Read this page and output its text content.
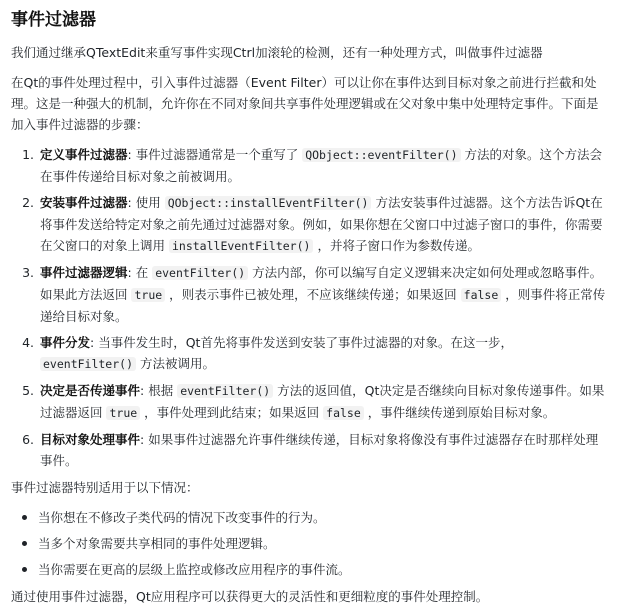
事件过滤器

我们通过继承QTextEdit来重写事件实现Ctrl加滚轮的检测，还有一种处理方式，叫做事件过滤器

在Qt的事件处理过程中，引入事件过滤器（Event Filter）可以让你在事件达到目标对象之前进行拦截和处理。这是一种强大的机制，允许你在不同对象间共享事件处理逻辑或在父对象中集中处理特定事件。下面是加入事件过滤器的步骤：

1. 定义事件过滤器: 事件过滤器通常是一个重写了 QObject::eventFilter() 方法的对象。这个方法会在事件传递给目标对象之前被调用。
2. 安装事件过滤器: 使用 QObject::installEventFilter() 方法安装事件过滤器。这个方法告诉Qt在将事件发送给特定对象之前先通过过滤器对象。例如，如果你想在父窗口中过滤子窗口的事件，你需要在父窗口的对象上调用 installEventFilter() ，并将子窗口作为参数传递。
3. 事件过滤器逻辑: 在 eventFilter() 方法内部，你可以编写自定义逻辑来决定如何处理或忽略事件。如果此方法返回 true ，则表示事件已被处理，不应该继续传递；如果返回 false ，则事件将正常传递给目标对象。
4. 事件分发: 当事件发生时，Qt首先将事件发送到安装了事件过滤器的对象。在这一步，eventFilter() 方法被调用。
5. 决定是否传递事件: 根据 eventFilter() 方法的返回值，Qt决定是否继续向目标对象传递事件。如果过滤器返回 true ，事件处理到此结束；如果返回 false ，事件继续传递到原始目标对象。
6. 目标对象处理事件: 如果事件过滤器允许事件继续传递，目标对象将像没有事件过滤器存在时那样处理事件。

事件过滤器特别适用于以下情况：

当你想在不修改子类代码的情况下改变事件的行为。
当多个对象需要共享相同的事件处理逻辑。
当你需要在更高的层级上监控或修改应用程序的事件流。

通过使用事件过滤器，Qt应用程序可以获得更大的灵活性和更细粒度的事件处理控制。
